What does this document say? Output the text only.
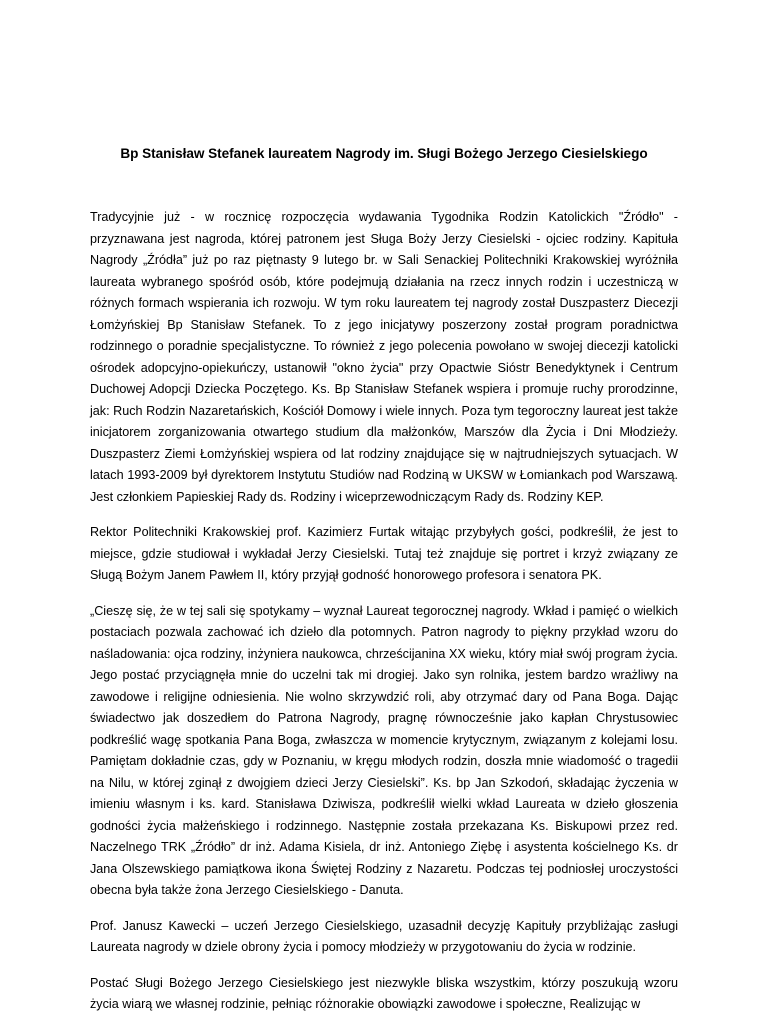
Bp Stanisław Stefanek laureatem Nagrody im. Sługi Bożego Jerzego Ciesielskiego

Tradycyjnie już - w rocznicę rozpoczęcia wydawania Tygodnika Rodzin Katolickich "Źródło" - przyznawana jest nagroda, której patronem jest Sługa Boży Jerzy Ciesielski - ojciec rodziny. Kapituła Nagrody „Źródła” już po raz piętnasty 9 lutego br. w Sali Senackiej Politechniki Krakowskiej wyróżniła laureata wybranego spośród osób, które podejmują działania na rzecz innych rodzin i uczestniczą w różnych formach wspierania ich rozwoju. W tym roku laureatem tej nagrody został Duszpasterz Diecezji Łomżyńskiej Bp Stanisław Stefanek. To z jego inicjatywy poszerzony został program poradnictwa rodzinnego o poradnie specjalistyczne. To również z jego polecenia powołano w swojej diecezji katolicki ośrodek adopcyjno-opiekuńczy, ustanowił "okno życia" przy Opactwie Sióstr Benedyktynek i Centrum Duchowej Adopcji Dziecka Poczętego. Ks. Bp Stanisław Stefanek wspiera i promuje ruchy prorodzinne, jak: Ruch Rodzin Nazaretańskich, Kościół Domowy i wiele innych. Poza tym tegoroczny laureat jest także inicjatorem zorganizowania otwartego studium dla małżonków, Marszów dla Życia i Dni Młodzieży. Duszpasterz Ziemi Łomżyńskiej wspiera od lat rodziny znajdujące się w najtrudniejszych sytuacjach. W latach 1993-2009 był dyrektorem Instytutu Studiów nad Rodziną w UKSW w Łomiankach pod Warszawą. Jest członkiem Papieskiej Rady ds. Rodziny i wiceprzewodniczącym Rady ds. Rodziny KEP.

Rektor Politechniki Krakowskiej prof. Kazimierz Furtak witając przybyłych gości, podkreślił, że jest to miejsce, gdzie studiował i wykładał Jerzy Ciesielski. Tutaj też znajduje się portret i krzyż związany ze Sługą Bożym Janem Pawłem II, który przyjął godność honorowego profesora i senatora PK.

„Cieszę się, że w tej sali się spotykamy – wyznał Laureat tegorocznej nagrody. Wkład i pamięć o wielkich postaciach pozwala zachować ich dzieło dla potomnych. Patron nagrody to piękny przykład wzoru do naśladowania: ojca rodziny, inżyniera naukowca, chrześcijanina XX wieku, który miał swój program życia. Jego postać przyciągnęła mnie do uczelni tak mi drogiej. Jako syn rolnika, jestem bardzo wrażliwy na zawodowe i religijne odniesienia. Nie wolno skrzywdzić roli, aby otrzymać dary od Pana Boga. Dając świadectwo jak doszedłem do Patrona Nagrody, pragnę równocześnie jako kapłan Chrystusowiec podkreślić wagę spotkania Pana Boga, zwłaszcza w momencie krytycznym, związanym z kolejami losu. Pamiętam dokładnie czas, gdy w Poznaniu, w kręgu młodych rodzin, doszła mnie wiadomość o tragedii na Nilu, w której zginął z dwojgiem dzieci Jerzy Ciesielski”. Ks. bp Jan Szkodoń, składając życzenia w imieniu własnym i ks. kard. Stanisława Dziwisza, podkreślił wielki wkład Laureata w dzieło głoszenia godności życia małżeńskiego i rodzinnego. Następnie została przekazana Ks. Biskupowi przez red. Naczelnego TRK „Źródło” dr inż. Adama Kisiela, dr inż. Antoniego Ziębę i asystenta kościelnego Ks. dr Jana Olszewskiego pamiątkowa ikona Świętej Rodziny z Nazaretu. Podczas tej podniosłej uroczystości obecna była także żona Jerzego Ciesielskiego - Danuta.

Prof. Janusz Kawecki – uczeń Jerzego Ciesielskiego, uzasadnił decyzję Kapituły przybliżając zasługi Laureata nagrody w dziele obrony życia i pomocy młodzieży w przygotowaniu do życia w rodzinie.

Postać Sługi Bożego Jerzego Ciesielskiego jest niezwykle bliska wszystkim, którzy poszukują wzoru życia wiarą we własnej rodzinie, pełniąc różnorakie obowiązki zawodowe i społeczne, Realizując w
